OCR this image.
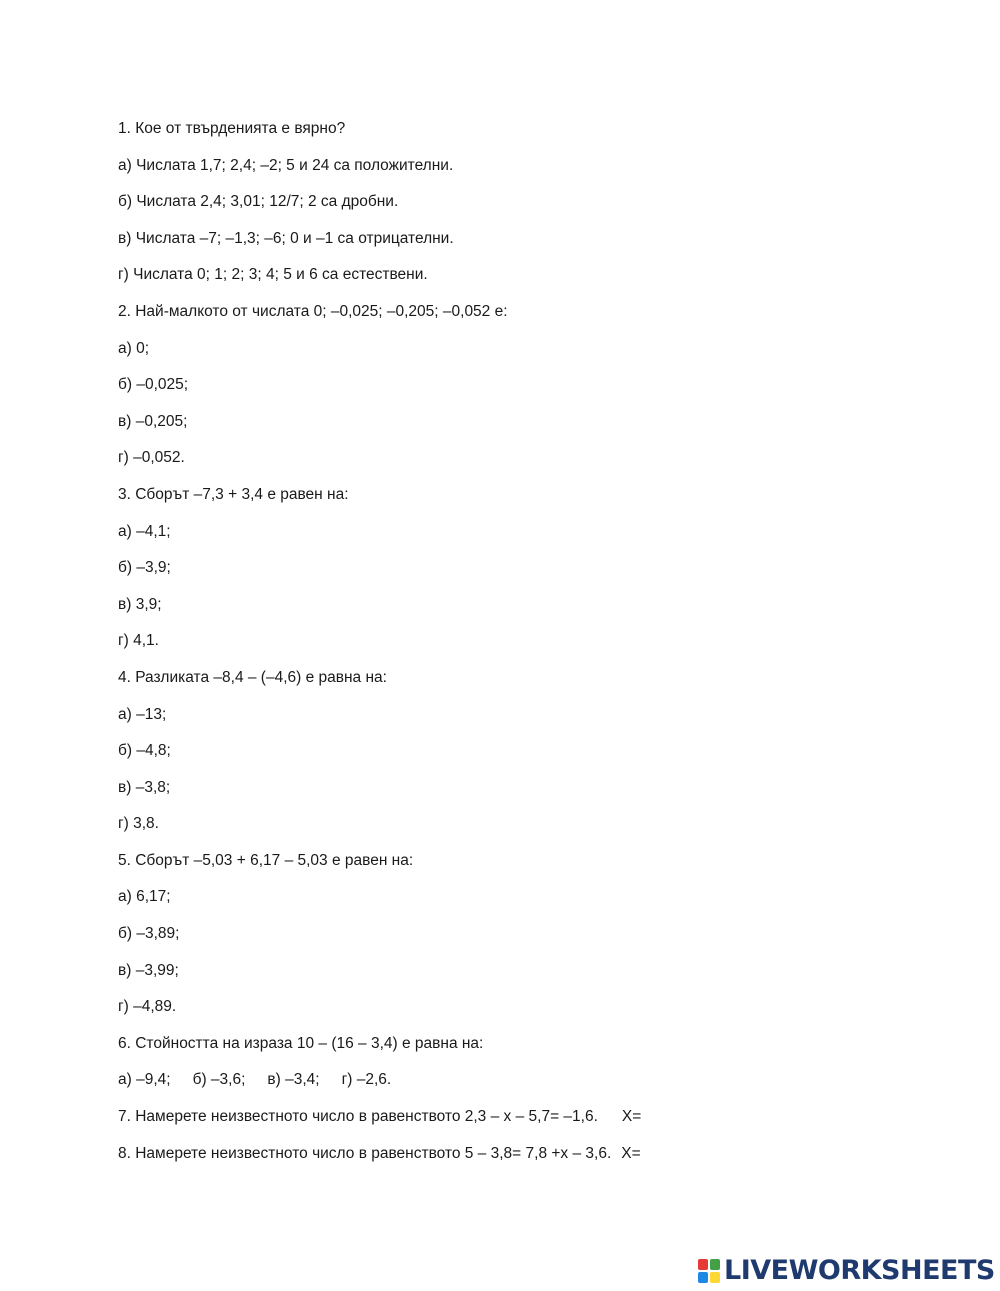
1. Кое от твърденията е вярно?
а) Числата 1,7; 2,4; –2; 5 и 24 са положителни.
б) Числата 2,4; 3,01; 12/7; 2 са дробни.
в) Числата –7; –1,3; –6; 0 и –1 са отрицателни.
г) Числата 0; 1; 2; 3; 4; 5 и 6 са естествени.
2. Най-малкото от числата 0; –0,025; –0,205; –0,052 е:
а) 0;
б) –0,025;
в) –0,205;
г) –0,052.
3. Сборът –7,3 + 3,4 е равен на:
а) –4,1;
б) –3,9;
в) 3,9;
г) 4,1.
4. Разликата –8,4 – (–4,6) е равна на:
а) –13;
б) –4,8;
в) –3,8;
г) 3,8.
5. Сборът –5,03 + 6,17 – 5,03 е равен на:
а) 6,17;
б) –3,89;
в) –3,99;
г) –4,89.
6. Стойността на израза 10 – (16 – 3,4) е равна на:
а) –9,4; б) –3,6; в) –3,4; г) –2,6.
7. Намерете неизвестното число в равенството 2,3 – х – 5,7= –1,6. Х=
8. Намерете неизвестното число в равенството 5 – 3,8= 7,8 +х – 3,6. Х=
LIVEWORKSHEETS
